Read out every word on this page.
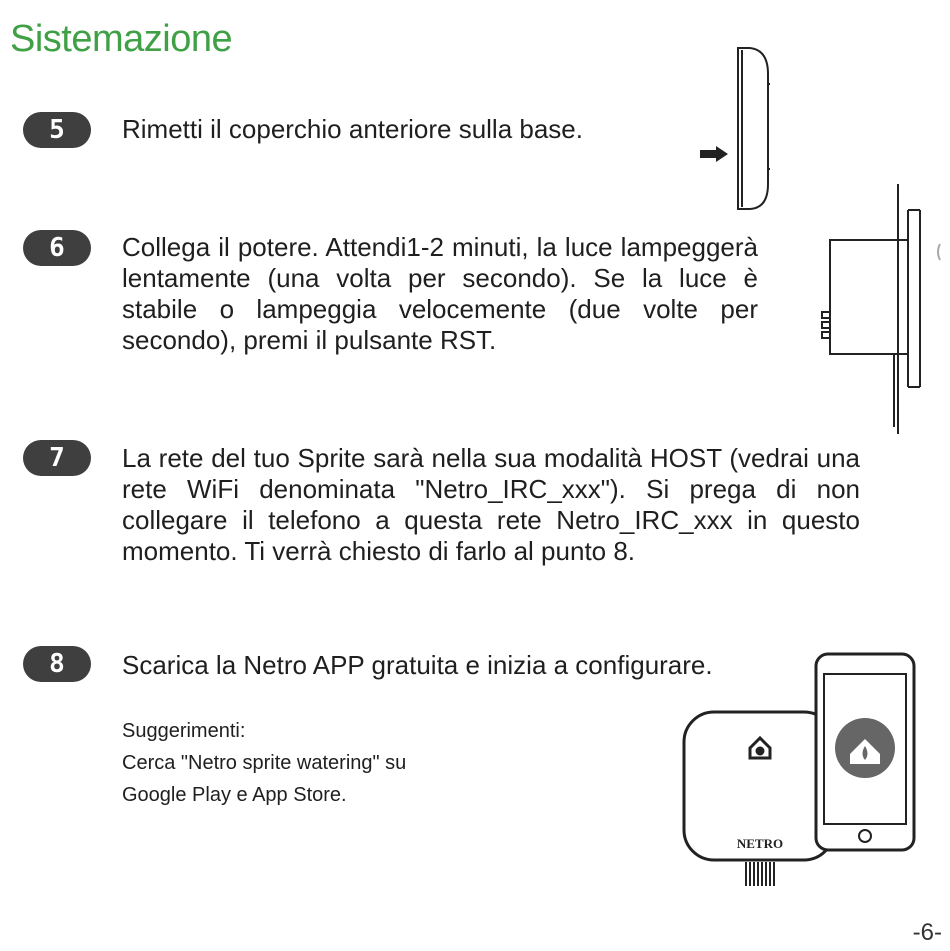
Sistemazione
5	Rimetti il coperchio anteriore sulla base.
6	Collega il potere. Attendi1-2 minuti, la luce lampeggerà lentamente (una volta per secondo). Se la luce è stabile o lampeggia velocemente (due volte per secondo), premi il pulsante RST.
7	La rete del tuo Sprite sarà nella sua modalità HOST (vedrai una rete WiFi denominata "Netro_IRC_xxx"). Si prega di non collegare il telefono a questa rete Netro_IRC_xxx in questo momento. Ti verrà chiesto di farlo al punto 8.
8	Scarica la Netro APP gratuita e inizia a configurare.
Suggerimenti:
Cerca "Netro sprite watering" su
Google Play e App Store.
NETRO
-6-
